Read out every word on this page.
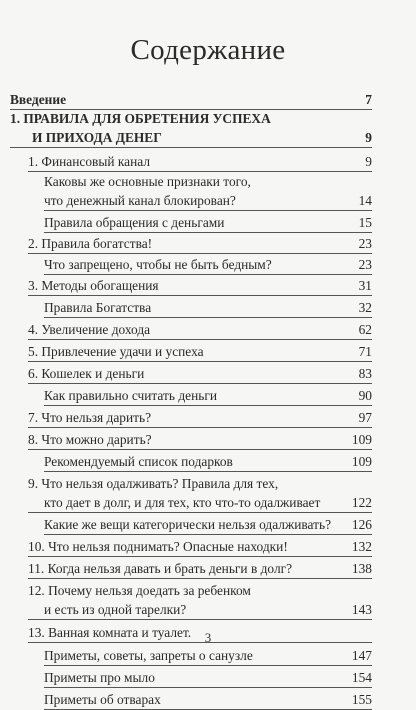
Содержание
Введение	7
1. ПРАВИЛА ДЛЯ ОБРЕТЕНИЯ УСПЕХА
И ПРИХОДА ДЕНЕГ	9
1. Финансовый канал	9
Каковы же основные признаки того,
что денежный канал блокирован?	14
Правила обращения с деньгами	15
2. Правила богатства!	23
Что запрещено, чтобы не быть бедным?	23
3. Методы обогащения	31
Правила Богатства	32
4. Увеличение дохода	62
5. Привлечение удачи и успеха	71
6. Кошелек и деньги	83
Как правильно считать деньги	90
7. Что нельзя дарить?	97
8. Что можно дарить?	109
Рекомендуемый список подарков	109
9. Что нельзя одалживать? Правила для тех,
кто дает в долг, и для тех, кто что-то одалживает 122
Какие же вещи категорически нельзя одалживать? 126
10. Что нельзя поднимать? Опасные находки!	132
11. Когда нельзя давать и брать деньги в долг?	138
12. Почему нельзя доедать за ребенком
и есть из одной тарелки?	143
13. Ванная комната и туалет.
Приметы, советы, запреты о санузле	147
Приметы про мыло	154
Приметы об отварах	155
3
